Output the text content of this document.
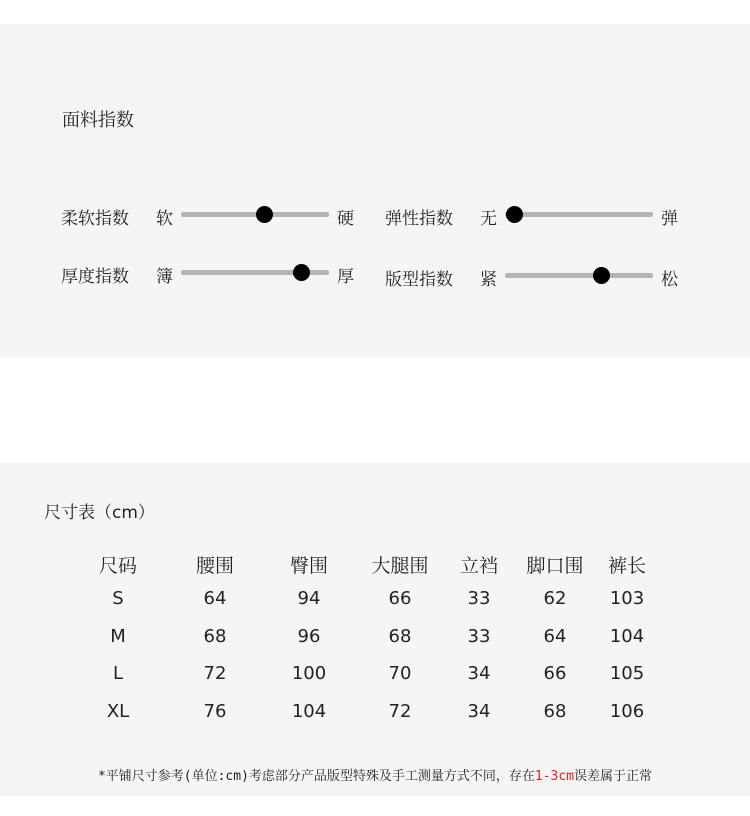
面料指数
柔软指数 软	硬 弹性指数 无	弹
厚度指数 簿	厚 版型指数 紧	松
尺寸表（cm）
尺码	腰围	臀围	大腿围	立裆	脚口围	裤长
S	64	94	66	33	62	103
M	68	96	68	33	64	104
L	72	100	70	34	66	105
XL	76	104	72	34	68	106
*平铺尺寸参考(单位:cm)考虑部分产品版型特殊及手工测量方式不同，存在1-3cm误差属于正常
